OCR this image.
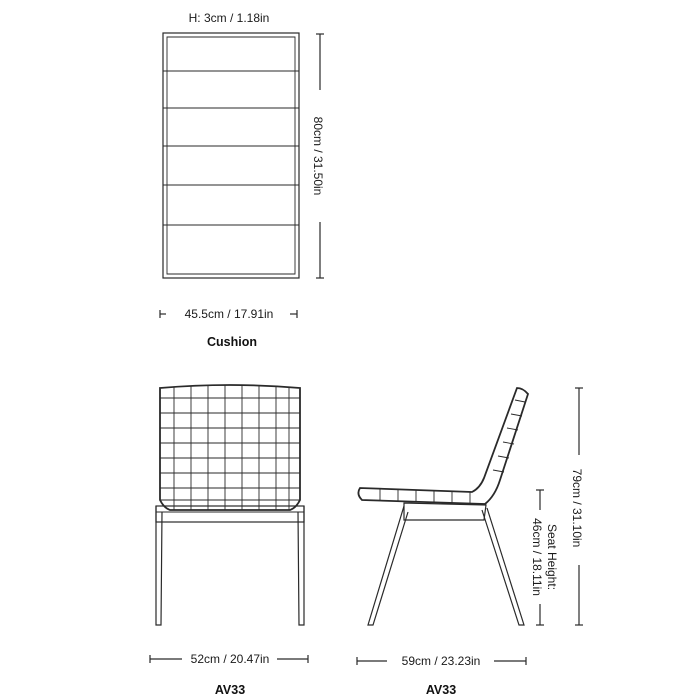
H: 3cm / 1.18in
80cm / 31.50in
45.5cm / 17.91in
Cushion
52cm / 20.47in
AV33
79cm / 31.10in
Seat Height:
46cm / 18.11in
59cm / 23.23in
AV33
